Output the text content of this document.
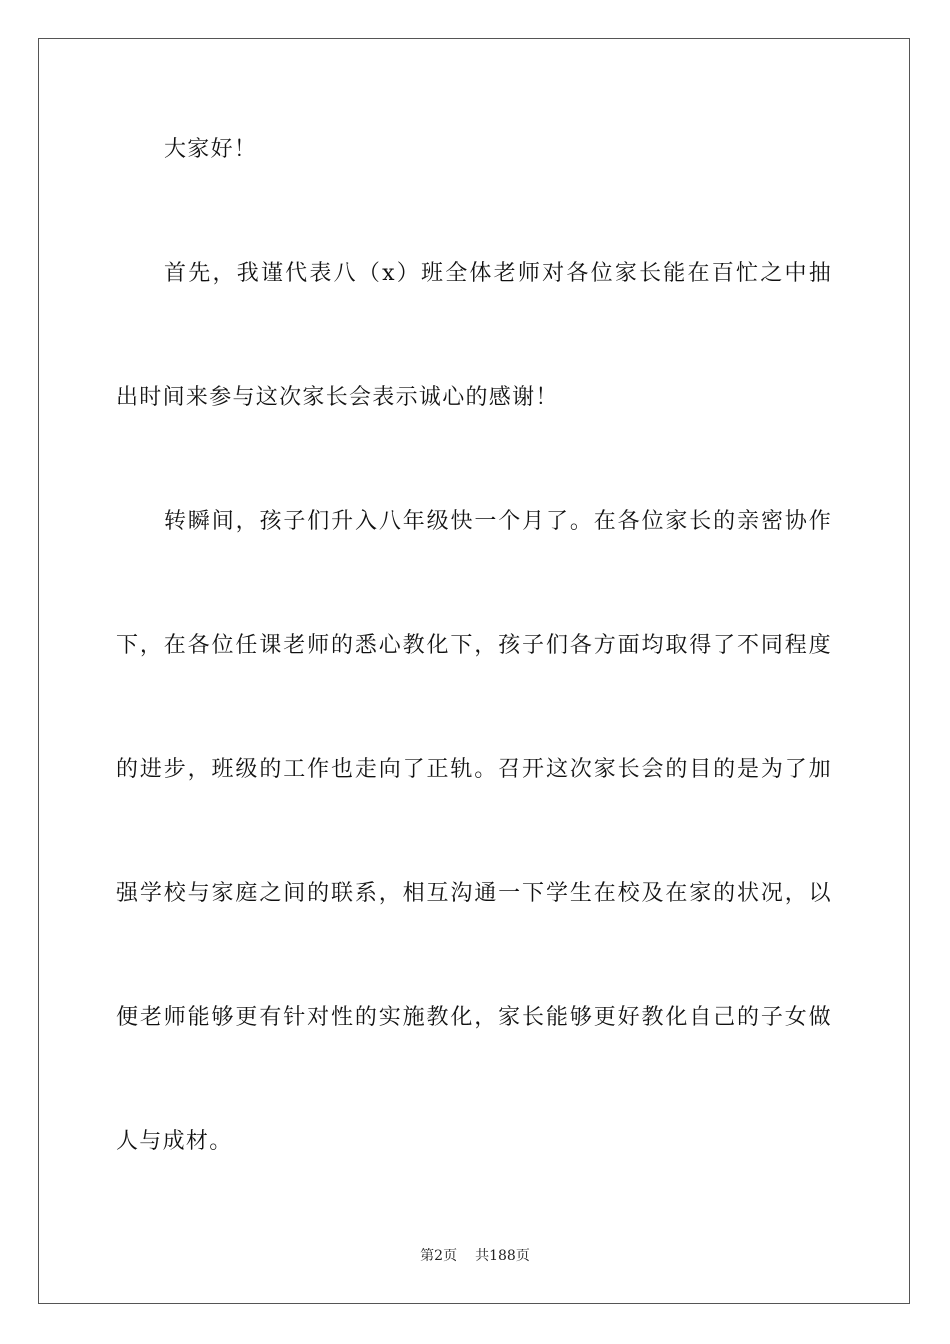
大家好！
首先，我谨代表八（x）班全体老师对各位家长能在百忙之中抽
出时间来参与这次家长会表示诚心的感谢！
转瞬间，孩子们升入八年级快一个月了。在各位家长的亲密协作
下，在各位任课老师的悉心教化下，孩子们各方面均取得了不同程度
的进步，班级的工作也走向了正轨。召开这次家长会的目的是为了加
强学校与家庭之间的联系，相互沟通一下学生在校及在家的状况，以
便老师能够更有针对性的实施教化，家长能够更好教化自己的子女做
人与成材。
第2页 共188页
